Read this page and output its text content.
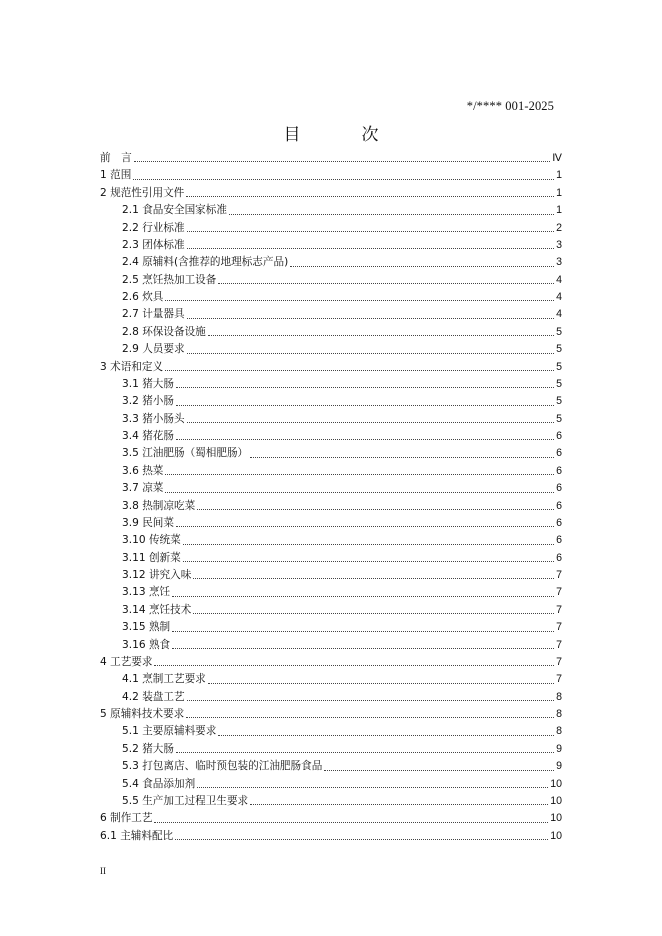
*/**** 001-2025
目　次
前　言	Ⅳ
1 范围	1
2 规范性引用文件	1
2.1 食品安全国家标准	1
2.2 行业标准	2
2.3 团体标准	3
2.4 原辅料(含推荐的地理标志产品)	3
2.5 烹饪热加工设备	4
2.6 炊具	4
2.7 计量器具	4
2.8 环保设备设施	5
2.9 人员要求	5
3 术语和定义	5
3.1 猪大肠	5
3.2 猪小肠	5
3.3 猪小肠头	5
3.4 猪花肠	6
3.5 江油肥肠（蜀相肥肠）	6
3.6 热菜	6
3.7 凉菜	6
3.8 热制凉吃菜	6
3.9 民间菜	6
3.10 传统菜	6
3.11 创新菜	6
3.12 讲究入味	7
3.13 烹饪	7
3.14 烹饪技术	7
3.15 熟制	7
3.16 熟食	7
4 工艺要求	7
4.1 烹制工艺要求	7
4.2 装盘工艺	8
5 原辅料技术要求	8
5.1 主要原辅料要求	8
5.2 猪大肠	9
5.3 打包离店、临时预包装的江油肥肠食品	9
5.4 食品添加剂	10
5.5 生产加工过程卫生要求	10
6 制作工艺	10
6.1 主辅料配比	10
II
